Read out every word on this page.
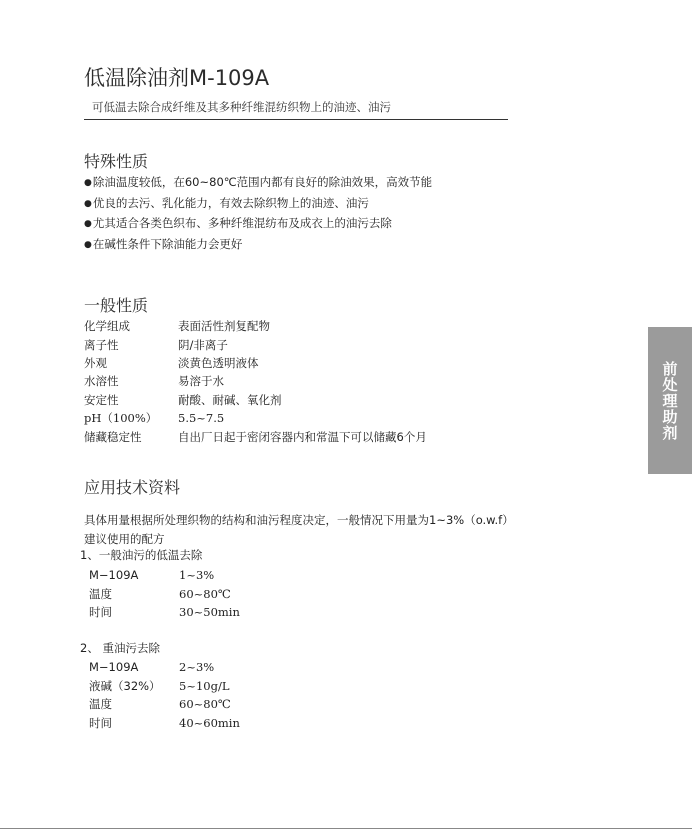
低温除油剂M-109A
可低温去除合成纤维及其多种纤维混纺织物上的油迹、油污
特殊性质
● 除油温度较低，在60~80℃范围内都有良好的除油效果，高效节能
● 优良的去污、乳化能力，有效去除织物上的油迹、油污
● 尤其适合各类色织布、多种纤维混纺布及成衣上的油污去除
● 在碱性条件下除油能力会更好
一般性质
化学组成	表面活性剂复配物
离子性	阴/非离子
外观	淡黄色透明液体
水溶性	易溶于水
安定性	耐酸、耐碱、氧化剂
pH（100%）	5.5~7.5
储藏稳定性	自出厂日起于密闭容器内和常温下可以储藏6个月
应用技术资料
具体用量根据所处理织物的结构和油污程度决定，一般情况下用量为1~3%（o.w.f）
建议使用的配方
1、一般油污的低温去除
M−109A	1~3%
温度	60~80℃
时间	30~50min
2、 重油污去除
M−109A	2~3%
液碱（32%）	5~10g/L
温度	60~80℃
时间	40~60min
前处理助剂
